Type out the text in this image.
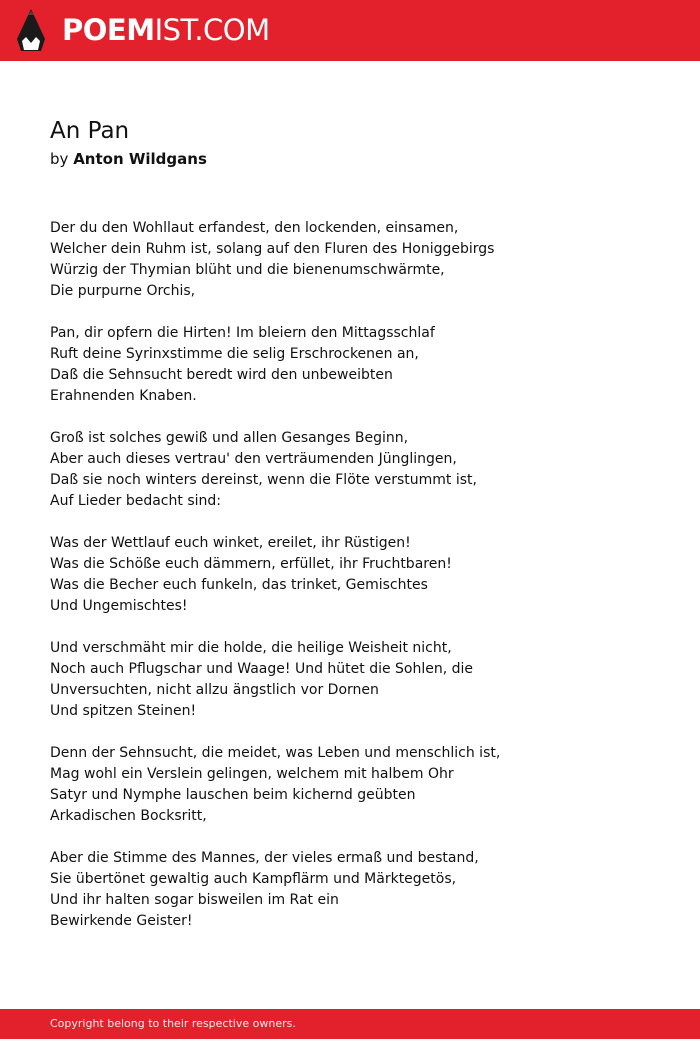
POEMIST.COM
An Pan
by Anton Wildgans
Der du den Wohllaut erfandest, den lockenden, einsamen,
Welcher dein Ruhm ist, solang auf den Fluren des Honiggebirgs
Würzig der Thymian blüht und die bienenumschwärmte,
Die purpurne Orchis,
Pan, dir opfern die Hirten! Im bleiern den Mittagsschlaf
Ruft deine Syrinxstimme die selig Erschrockenen an,
Daß die Sehnsucht beredt wird den unbeweibten
Erahnenden Knaben.
Groß ist solches gewiß und allen Gesanges Beginn,
Aber auch dieses vertrau' den verträumenden Jünglingen,
Daß sie noch winters dereinst, wenn die Flöte verstummt ist,
Auf Lieder bedacht sind:
Was der Wettlauf euch winket, ereilet, ihr Rüstigen!
Was die Schöße euch dämmern, erfüllet, ihr Fruchtbaren!
Was die Becher euch funkeln, das trinket, Gemischtes
Und Ungemischtes!
Und verschmäht mir die holde, die heilige Weisheit nicht,
Noch auch Pflugschar und Waage! Und hütet die Sohlen, die
Unversuchten, nicht allzu ängstlich vor Dornen
Und spitzen Steinen!
Denn der Sehnsucht, die meidet, was Leben und menschlich ist,
Mag wohl ein Verslein gelingen, welchem mit halbem Ohr
Satyr und Nymphe lauschen beim kichernd geübten
Arkadischen Bocksritt,
Aber die Stimme des Mannes, der vieles ermaß und bestand,
Sie übertönet gewaltig auch Kampflärm und Märktegetös,
Und ihr halten sogar bisweilen im Rat ein
Bewirkende Geister!
Copyright belong to their respective owners.
